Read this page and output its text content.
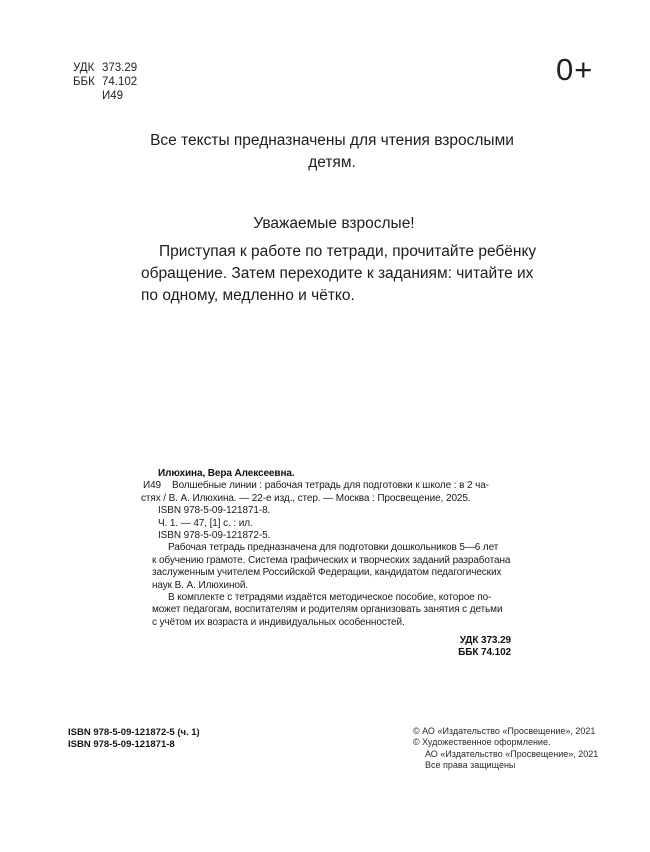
УДК 373.29
ББК 74.102
И49
0+
Все тексты предназначены для чтения взрослыми
детям.
Уважаемые взрослые!
Приступая к работе по тетради, прочитайте ребёнку
обращение. Затем переходите к заданиям: читайте их
по одному, медленно и чётко.
Илюхина, Вера Алексеевна.
И49 Волшебные линии : рабочая тетрадь для подготовки к школе : в 2 ча-
стях / В. А. Илюхина. — 22-е изд., стер. — Москва : Просвещение, 2025.
ISBN 978-5-09-121871-8.
Ч. 1. — 47, [1] с. : ил.
ISBN 978-5-09-121872-5.
Рабочая тетрадь предназначена для подготовки дошкольников 5—6 лет
к обучению грамоте. Система графических и творческих заданий разработана
заслуженным учителем Российской Федерации, кандидатом педагогических
наук В. А. Илюхиной.
В комплекте с тетрадями издаётся методическое пособие, которое по-
может педагогам, воспитателям и родителям организовать занятия с детьми
с учётом их возраста и индивидуальных особенностей.
УДК 373.29
ББК 74.102
ISBN 978-5-09-121872-5 (ч. 1)
ISBN 978-5-09-121871-8
© АО «Издательство «Просвещение», 2021
© Художественное оформление.
АО «Издательство «Просвещение», 2021
Все права защищены
